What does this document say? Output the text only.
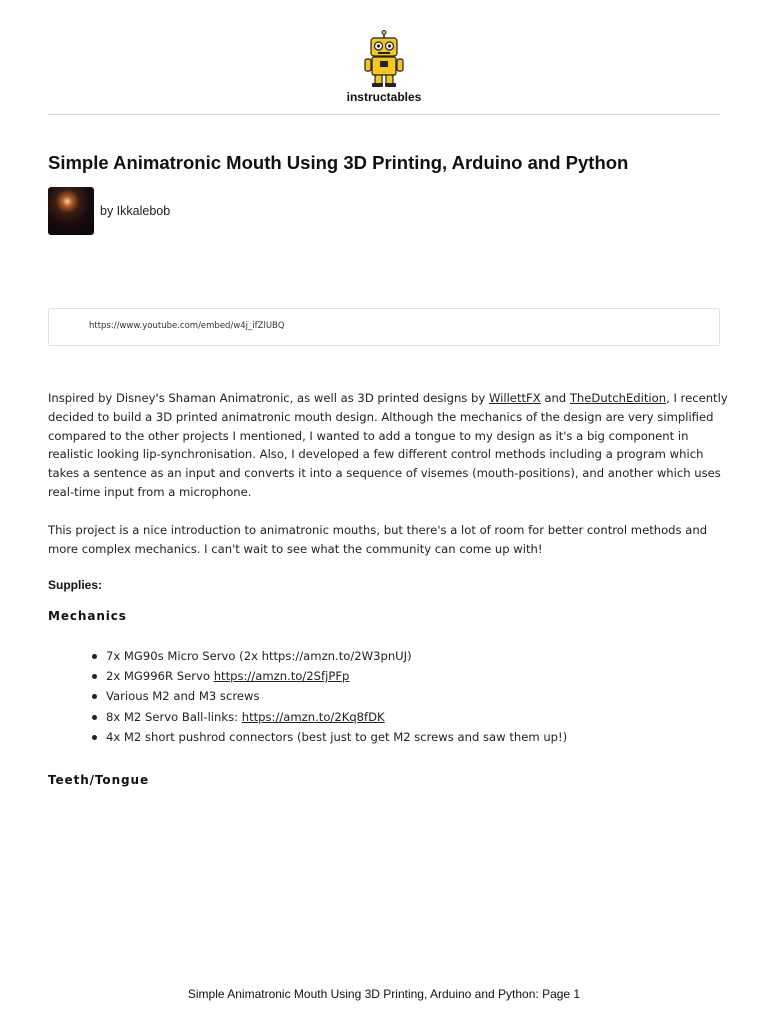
instructables
Simple Animatronic Mouth Using 3D Printing, Arduino and Python
by Ikkalebob
https://www.youtube.com/embed/w4j_ifZlUBQ

Inspired by Disney's Shaman Animatronic, as well as 3D printed designs by WillettFX and TheDutchEdition, I recently decided to build a 3D printed animatronic mouth design. Although the mechanics of the design are very simplified compared to the other projects I mentioned, I wanted to add a tongue to my design as it's a big component in realistic looking lip-synchronisation. Also, I developed a few different control methods including a program which takes a sentence as an input and converts it into a sequence of visemes (mouth-positions), and another which uses real-time input from a microphone.

This project is a nice introduction to animatronic mouths, but there's a lot of room for better control methods and more complex mechanics. I can't wait to see what the community can come up with!

Supplies:
Mechanics
7x MG90s Micro Servo (2x https://amzn.to/2W3pnUJ)
2x MG996R Servo https://amzn.to/2SfjPFp
Various M2 and M3 screws
8x M2 Servo Ball-links: https://amzn.to/2Kq8fDK
4x M2 short pushrod connectors (best just to get M2 screws and saw them up!)
Teeth/Tongue
Simple Animatronic Mouth Using 3D Printing, Arduino and Python: Page 1
